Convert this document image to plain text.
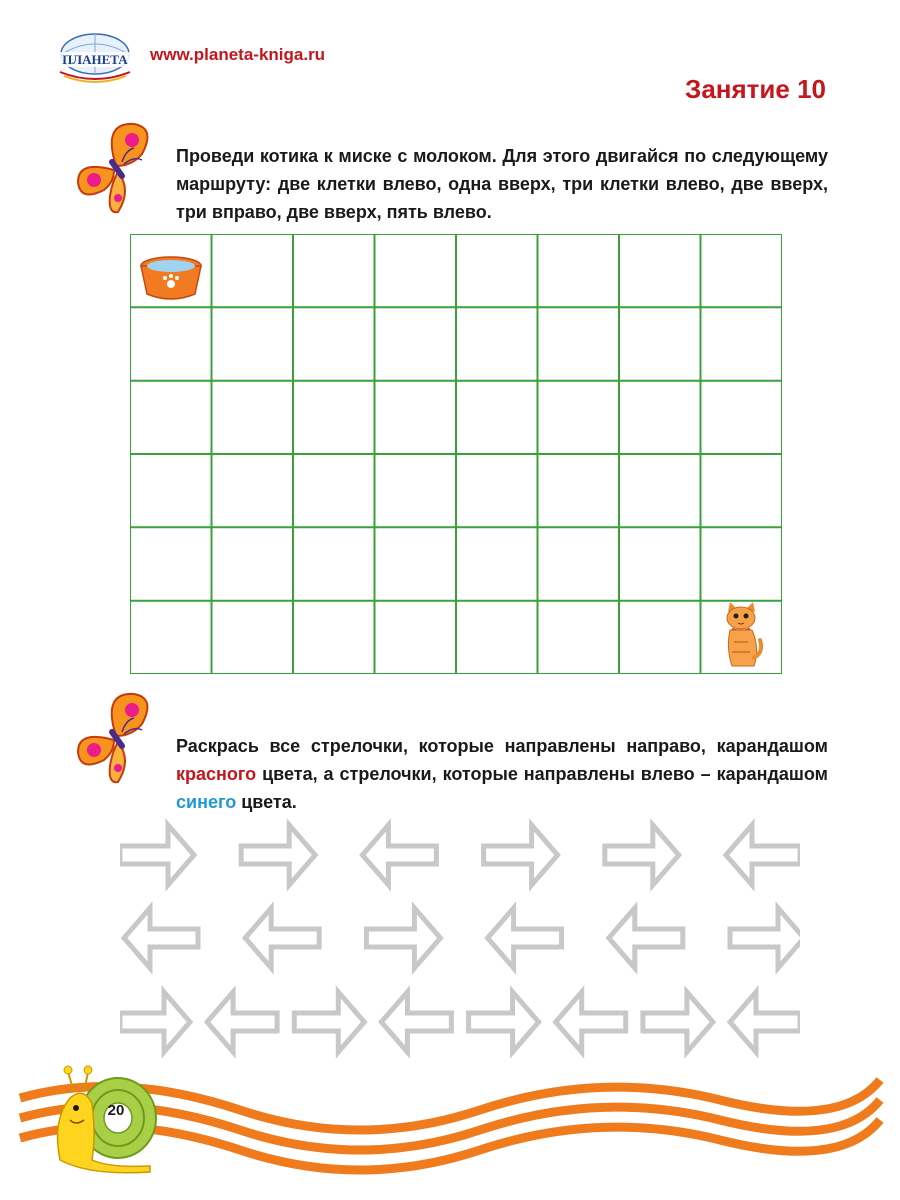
ПЛАНЕТА www.planeta-kniga.ru
Занятие 10
Проведи котика к миске с молоком. Для этого двигайся по следующему маршруту: две клетки влево, одна вверх, три клетки влево, две вверх, три вправо, две вверх, пять влево.
Раскрась все стрелочки, которые направлены направо, карандашом красного цвета, а стрелочки, которые направлены влево – карандашом синего цвета.
20
